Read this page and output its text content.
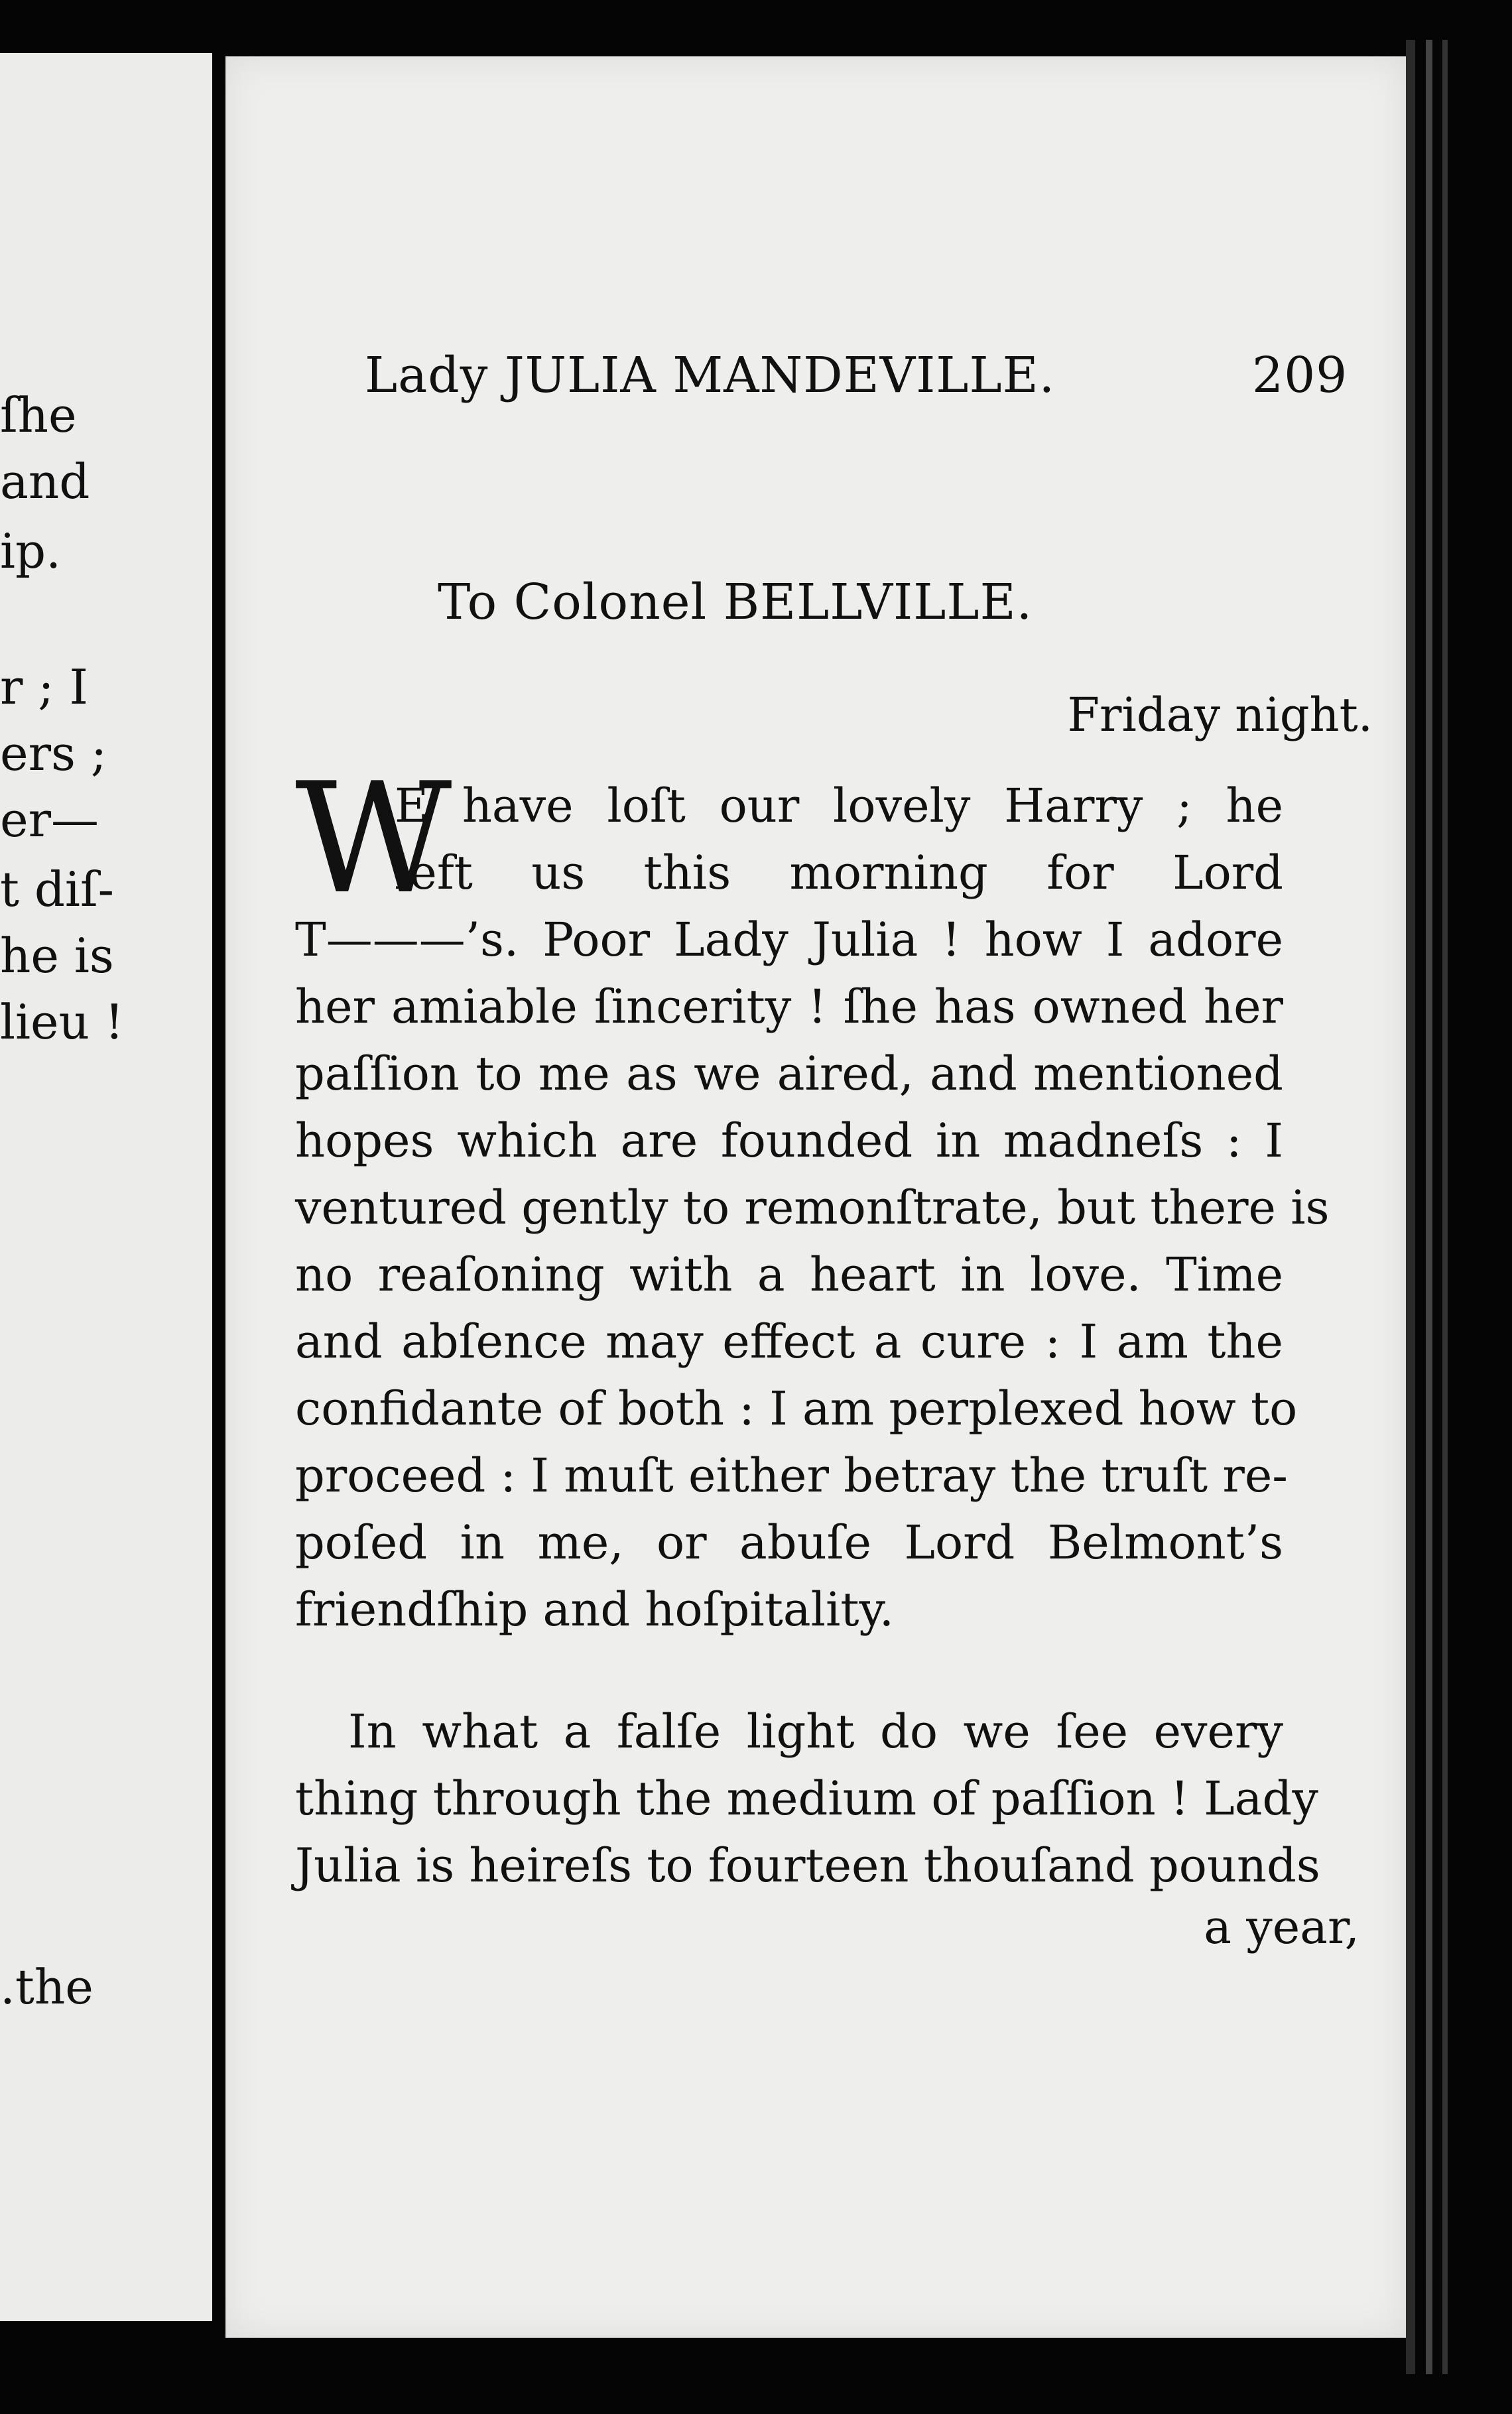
ſhe
and
ip.
r ; I
ers ;
er—
t diſ-
he is
lieu !
.the
Lady JULIA MANDEVILLE.	209
To Colonel BELLVILLE.
Friday night.
W
E have loſt our lovely Harry ; he
left us this morning for Lord
T———’s. Poor Lady Julia ! how I adore
her amiable ſincerity ! ſhe has owned her
paſſion to me as we aired, and mentioned
hopes which are founded in madneſs : I
ventured gently to remonſtrate, but there is
no reaſoning with a heart in love. Time
and abſence may effect a cure : I am the
confidante of both : I am perplexed how to
proceed : I muſt either betray the truſt re-
poſed in me, or abuſe Lord Belmont’s
friendſhip and hoſpitality.
In what a falſe light do we ſee every
thing through the medium of paſſion ! Lady
Julia is heireſs to fourteen thouſand pounds
a year,
